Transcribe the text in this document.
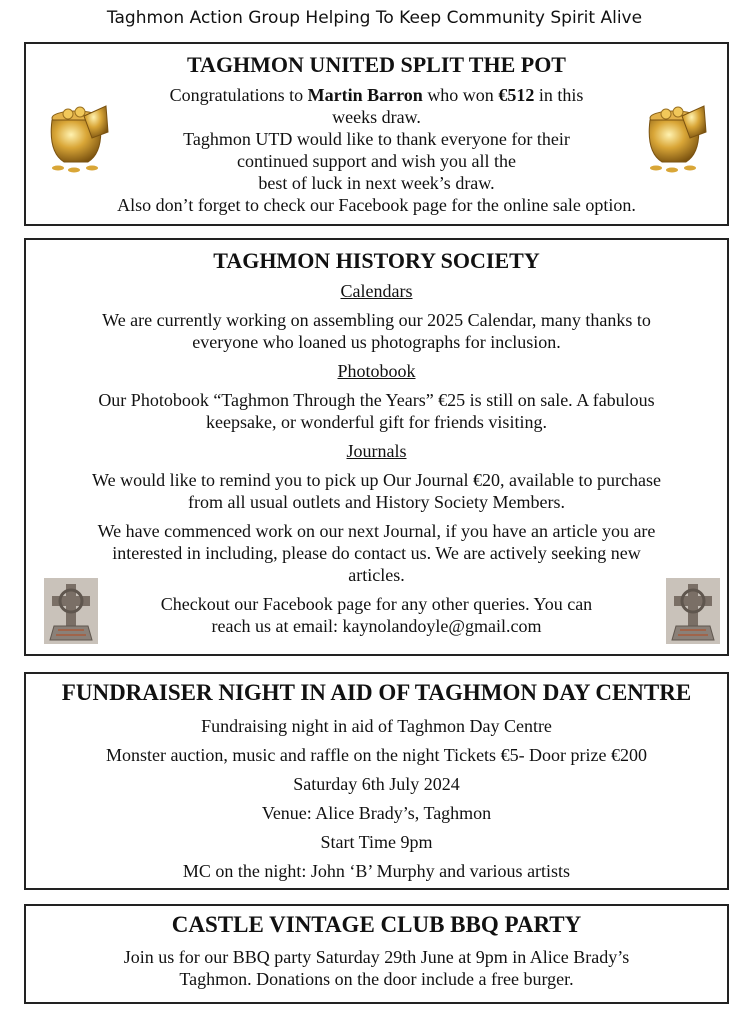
Taghmon Action Group Helping To Keep Community Spirit Alive

TAGHMON UNITED SPLIT THE POT

Congratulations to Martin Barron who won €512 in this

weeks draw.

Taghmon UTD would like to thank everyone for their

continued support and wish you all the

best of luck in next week’s draw.

Also don’t forget to check our Facebook page for the online sale option.

TAGHMON HISTORY SOCIETY

Calendars

We are currently working on assembling our 2025 Calendar, many thanks to

everyone who loaned us photographs for inclusion.

Photobook

Our Photobook “Taghmon Through the Years” €25 is still on sale. A fabulous

keepsake, or wonderful gift for friends visiting.

Journals

We would like to remind you to pick up Our Journal €20, available to purchase

from all usual outlets and History Society Members.

We have commenced work on our next Journal, if you have an article you are

interested in including, please do contact us. We are actively seeking new

articles.

Checkout our Facebook page for any other queries. You can

reach us at email: kaynolandoyle@gmail.com

FUNDRAISER NIGHT IN AID OF TAGHMON DAY CENTRE

Fundraising night in aid of Taghmon Day Centre

Monster auction, music and raffle on the night Tickets €5- Door prize €200

Saturday 6th July 2024

Venue: Alice Brady’s, Taghmon

Start Time 9pm

MC on the night: John ‘B’ Murphy and various artists

CASTLE VINTAGE CLUB BBQ PARTY

Join us for our BBQ party Saturday 29th June at 9pm in Alice Brady’s

Taghmon. Donations on the door include a free burger.
